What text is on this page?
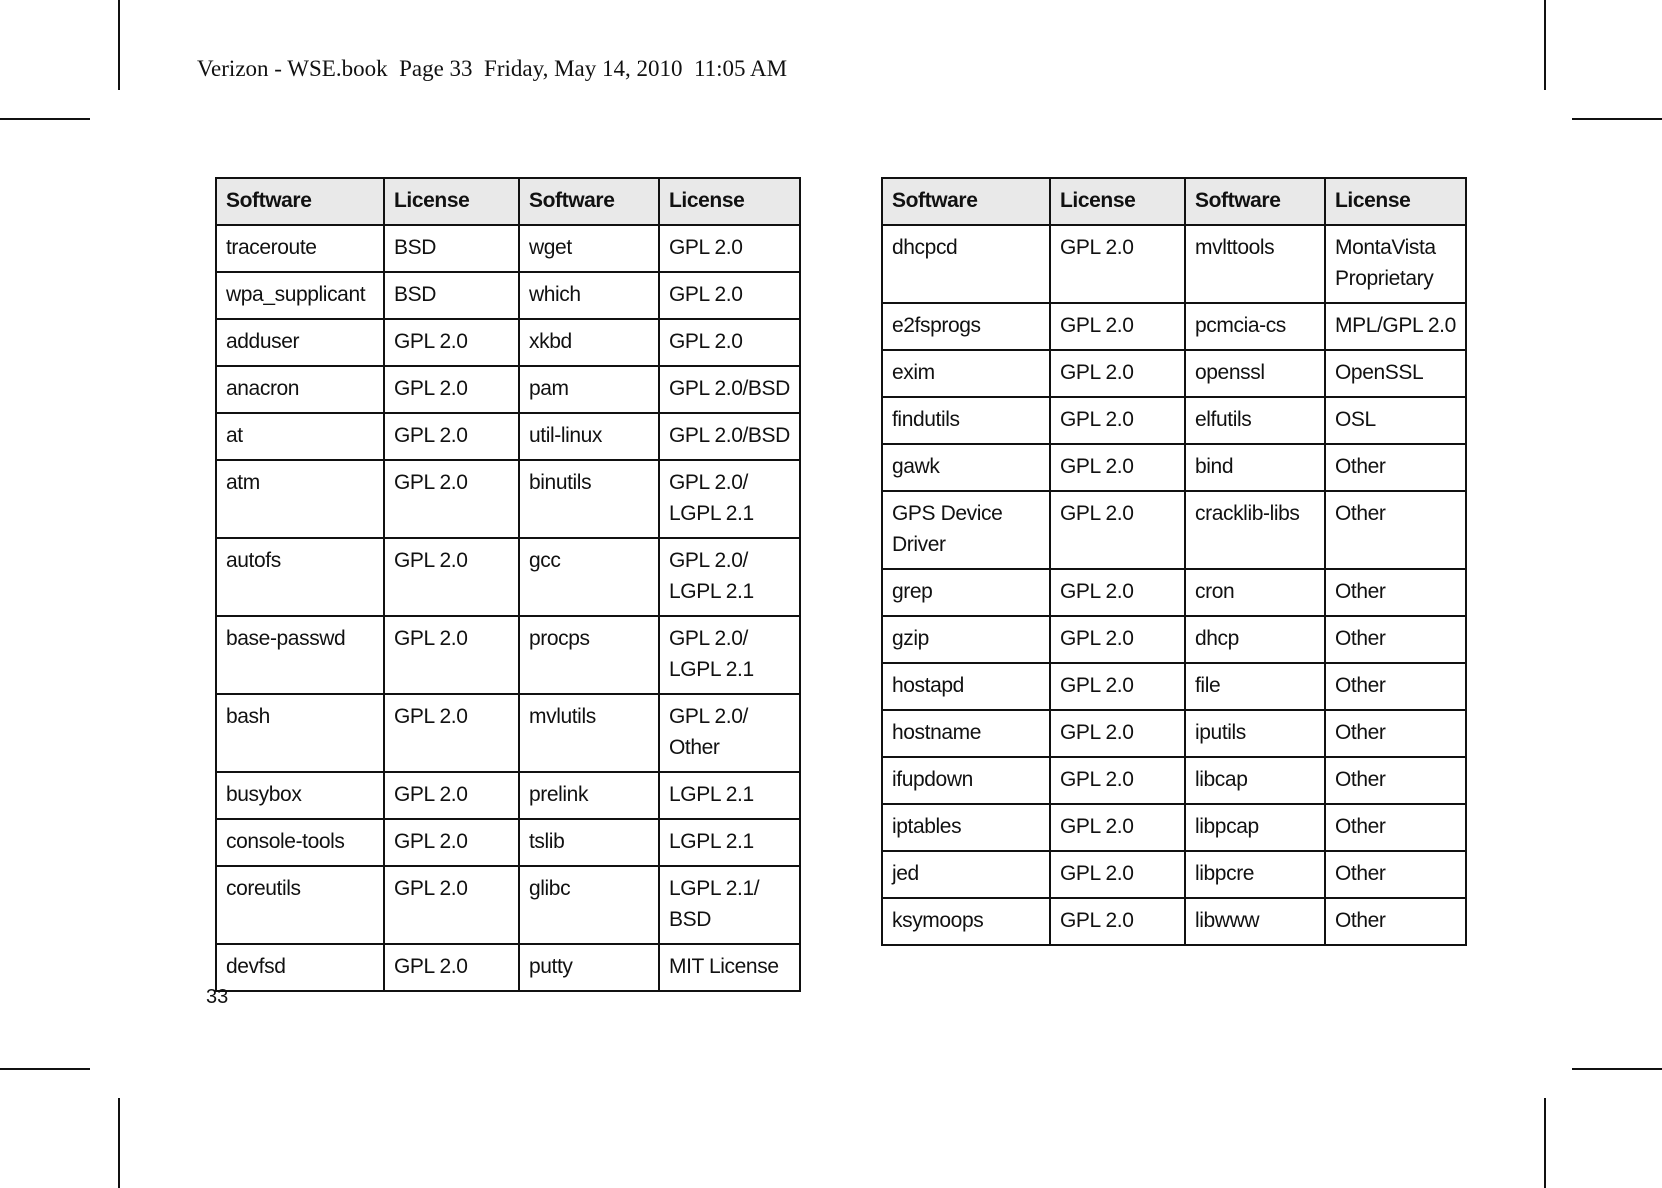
Verizon - WSE.book  Page 33  Friday, May 14, 2010  11:05 AM
Software	License	Software	License
traceroute	BSD	wget	GPL 2.0
wpa_supplicant	BSD	which	GPL 2.0
adduser	GPL 2.0	xkbd	GPL 2.0
anacron	GPL 2.0	pam	GPL 2.0/BSD
at	GPL 2.0	util-linux	GPL 2.0/BSD
atm	GPL 2.0	binutils	GPL 2.0/ LGPL 2.1
autofs	GPL 2.0	gcc	GPL 2.0/ LGPL 2.1
base-passwd	GPL 2.0	procps	GPL 2.0/ LGPL 2.1
bash	GPL 2.0	mvlutils	GPL 2.0/ Other
busybox	GPL 2.0	prelink	LGPL 2.1
console-tools	GPL 2.0	tslib	LGPL 2.1
coreutils	GPL 2.0	glibc	LGPL 2.1/ BSD
devfsd	GPL 2.0	putty	MIT License
Software	License	Software	License
dhcpcd	GPL 2.0	mvlttools	MontaVista Proprietary
e2fsprogs	GPL 2.0	pcmcia-cs	MPL/GPL 2.0
exim	GPL 2.0	openssl	OpenSSL
findutils	GPL 2.0	elfutils	OSL
gawk	GPL 2.0	bind	Other
GPS Device Driver	GPL 2.0	cracklib-libs	Other
grep	GPL 2.0	cron	Other
gzip	GPL 2.0	dhcp	Other
hostapd	GPL 2.0	file	Other
hostname	GPL 2.0	iputils	Other
ifupdown	GPL 2.0	libcap	Other
iptables	GPL 2.0	libpcap	Other
jed	GPL 2.0	libpcre	Other
ksymoops	GPL 2.0	libwww	Other
33
